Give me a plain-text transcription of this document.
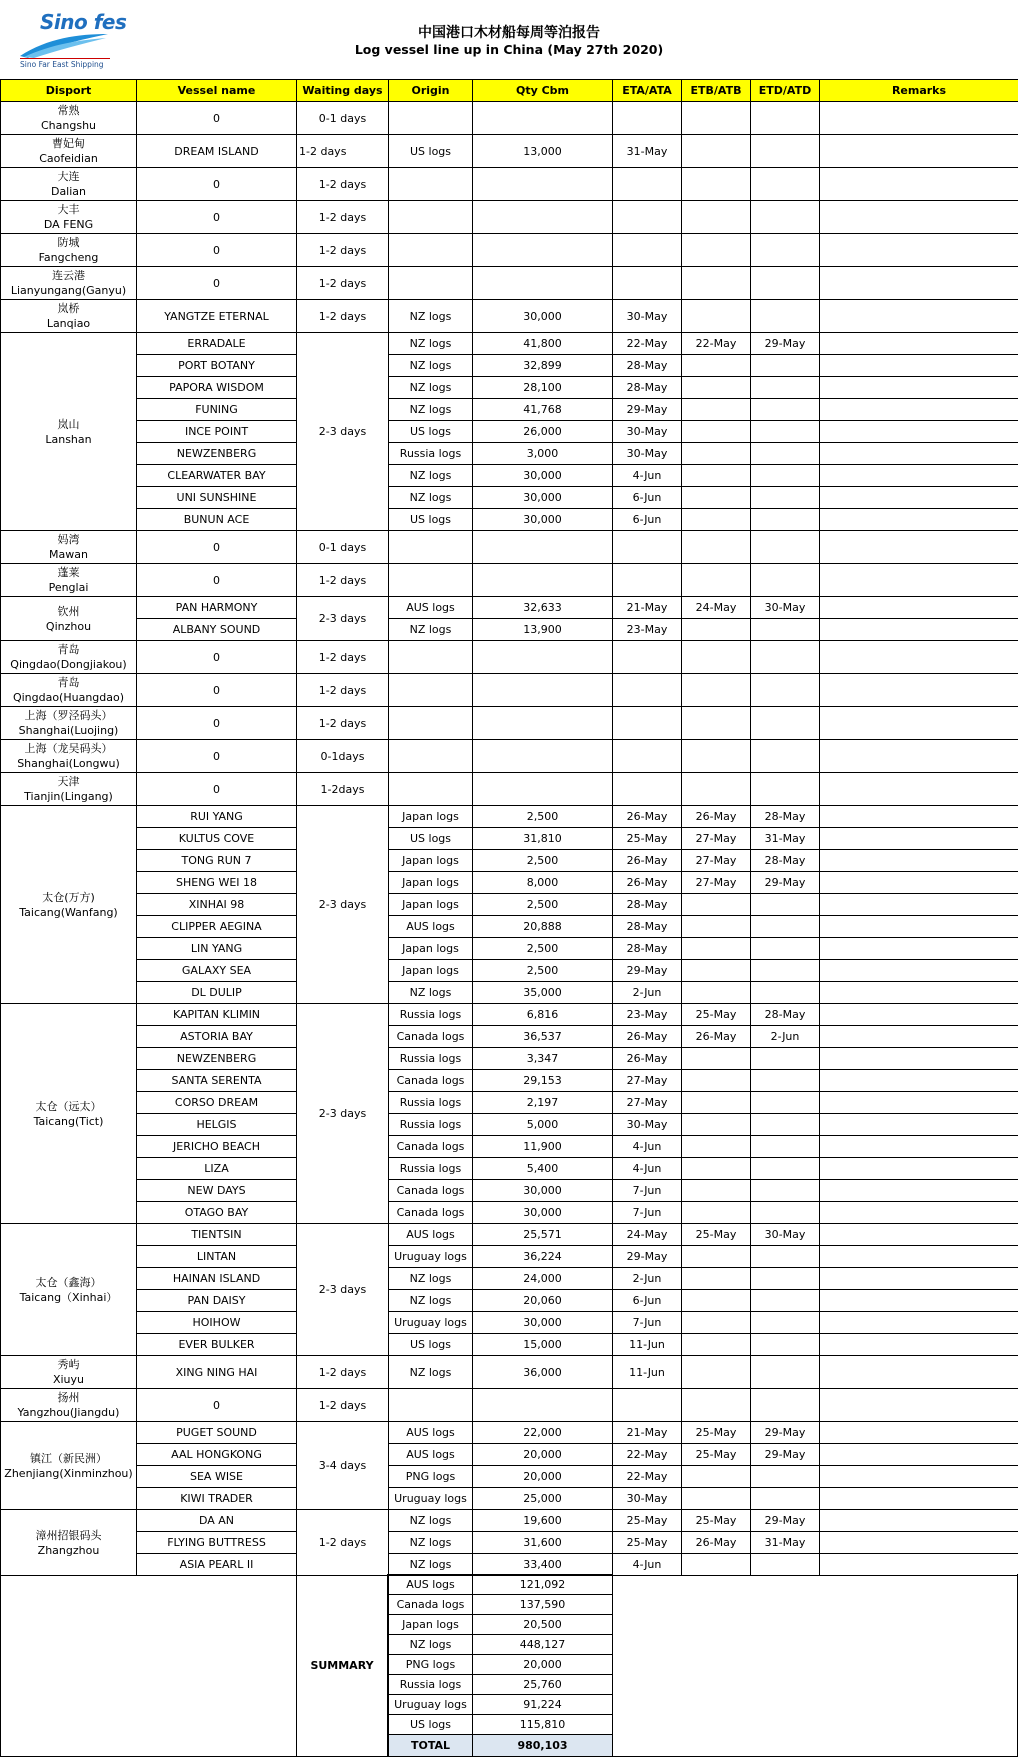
Sino fes
Sino Far East Shipping
中国港口木材船每周等泊报告
Log vessel line up in China (May 27th 2020)
Disport	Vessel name	Waiting days	Origin	Qty Cbm	ETA/ATA	ETB/ATB	ETD/ATD	Remarks

常熟
Changshu	0	0-1 days						

曹妃甸
Caofeidian	DREAM ISLAND	1-2 days	US logs	13,000	31-May			

大连
Dalian	0	1-2 days						

大丰
DA FENG	0	1-2 days						

防城
Fangcheng	0	1-2 days						

连云港
Lianyungang(Ganyu)	0	1-2 days						

岚桥
Lanqiao	YANGTZE ETERNAL	1-2 days	NZ logs	30,000	30-May			

岚山
Lanshan	ERRADALE	2-3 days	NZ logs	41,800	22-May	22-May	29-May	
	PORT BOTANY		NZ logs	32,899	28-May			
	PAPORA WISDOM		NZ logs	28,100	28-May			
	FUNING		NZ logs	41,768	29-May			
	INCE POINT		US logs	26,000	30-May			
	NEWZENBERG		Russia logs	3,000	30-May			
	CLEARWATER BAY		NZ logs	30,000	4-Jun			
	UNI SUNSHINE		NZ logs	30,000	6-Jun			
	BUNUN ACE		US logs	30,000	6-Jun			

妈湾
Mawan	0	0-1 days						

蓬莱
Penglai	0	1-2 days						

钦州
Qinzhou	PAN HARMONY	2-3 days	AUS logs	32,633	21-May	24-May	30-May	
	ALBANY SOUND		NZ logs	13,900	23-May			

青岛
Qingdao(Dongjiakou)	0	1-2 days						

青岛
Qingdao(Huangdao)	0	1-2 days						

上海（罗泾码头）
Shanghai(Luojing)	0	1-2 days						

上海（龙吴码头）
Shanghai(Longwu)	0	0-1days						

天津
Tianjin(Lingang)	0	1-2days						

太仓(万方)
Taicang(Wanfang)	RUI YANG	2-3 days	Japan logs	2,500	26-May	26-May	28-May	
	KULTUS COVE		US logs	31,810	25-May	27-May	31-May	
	TONG RUN 7		Japan logs	2,500	26-May	27-May	28-May	
	SHENG WEI 18		Japan logs	8,000	26-May	27-May	29-May	
	XINHAI 98		Japan logs	2,500	28-May			
	CLIPPER AEGINA		AUS logs	20,888	28-May			
	LIN YANG		Japan logs	2,500	28-May			
	GALAXY SEA		Japan logs	2,500	29-May			
	DL DULIP		NZ logs	35,000	2-Jun			

太仓（远太）
Taicang(Tict)	KAPITAN KLIMIN	2-3 days	Russia logs	6,816	23-May	25-May	28-May	
	ASTORIA BAY		Canada logs	36,537	26-May	26-May	2-Jun	
	NEWZENBERG		Russia logs	3,347	26-May			
	SANTA SERENTA		Canada logs	29,153	27-May			
	CORSO DREAM		Russia logs	2,197	27-May			
	HELGIS		Russia logs	5,000	30-May			
	JERICHO BEACH		Canada logs	11,900	4-Jun			
	LIZA		Russia logs	5,400	4-Jun			
	NEW DAYS		Canada logs	30,000	7-Jun			
	OTAGO BAY		Canada logs	30,000	7-Jun			

太仓（鑫海）
Taicang（Xinhai）	TIENTSIN	2-3 days	AUS logs	25,571	24-May	25-May	30-May	
	LINTAN		Uruguay logs	36,224	29-May			
	HAINAN ISLAND		NZ logs	24,000	2-Jun			
	PAN DAISY		NZ logs	20,060	6-Jun			
	HOIHOW		Uruguay logs	30,000	7-Jun			
	EVER BULKER		US logs	15,000	11-Jun			

秀屿
Xiuyu	XING NING HAI	1-2 days	NZ logs	36,000	11-Jun			

扬州
Yangzhou(Jiangdu)	0	1-2 days						

镇江（新民洲）
Zhenjiang(Xinminzhou)	PUGET SOUND	3-4 days	AUS logs	22,000	21-May	25-May	29-May	
	AAL HONGKONG		AUS logs	20,000	22-May	25-May	29-May	
	SEA WISE		PNG logs	20,000	22-May			
	KIWI TRADER		Uruguay logs	25,000	30-May			

漳州招银码头
Zhangzhou	DA AN	1-2 days	NZ logs	19,600	25-May	25-May	29-May	
	FLYING BUTTRESS		NZ logs	31,600	25-May	26-May	31-May	
	ASIA PEARL II		NZ logs	33,400	4-Jun			
SUMMARY
AUS logs	121,092
Canada logs	137,590
Japan logs	20,500
NZ logs	448,127
PNG logs	20,000
Russia logs	25,760
Uruguay logs	91,224
US logs	115,810
TOTAL	980,103
